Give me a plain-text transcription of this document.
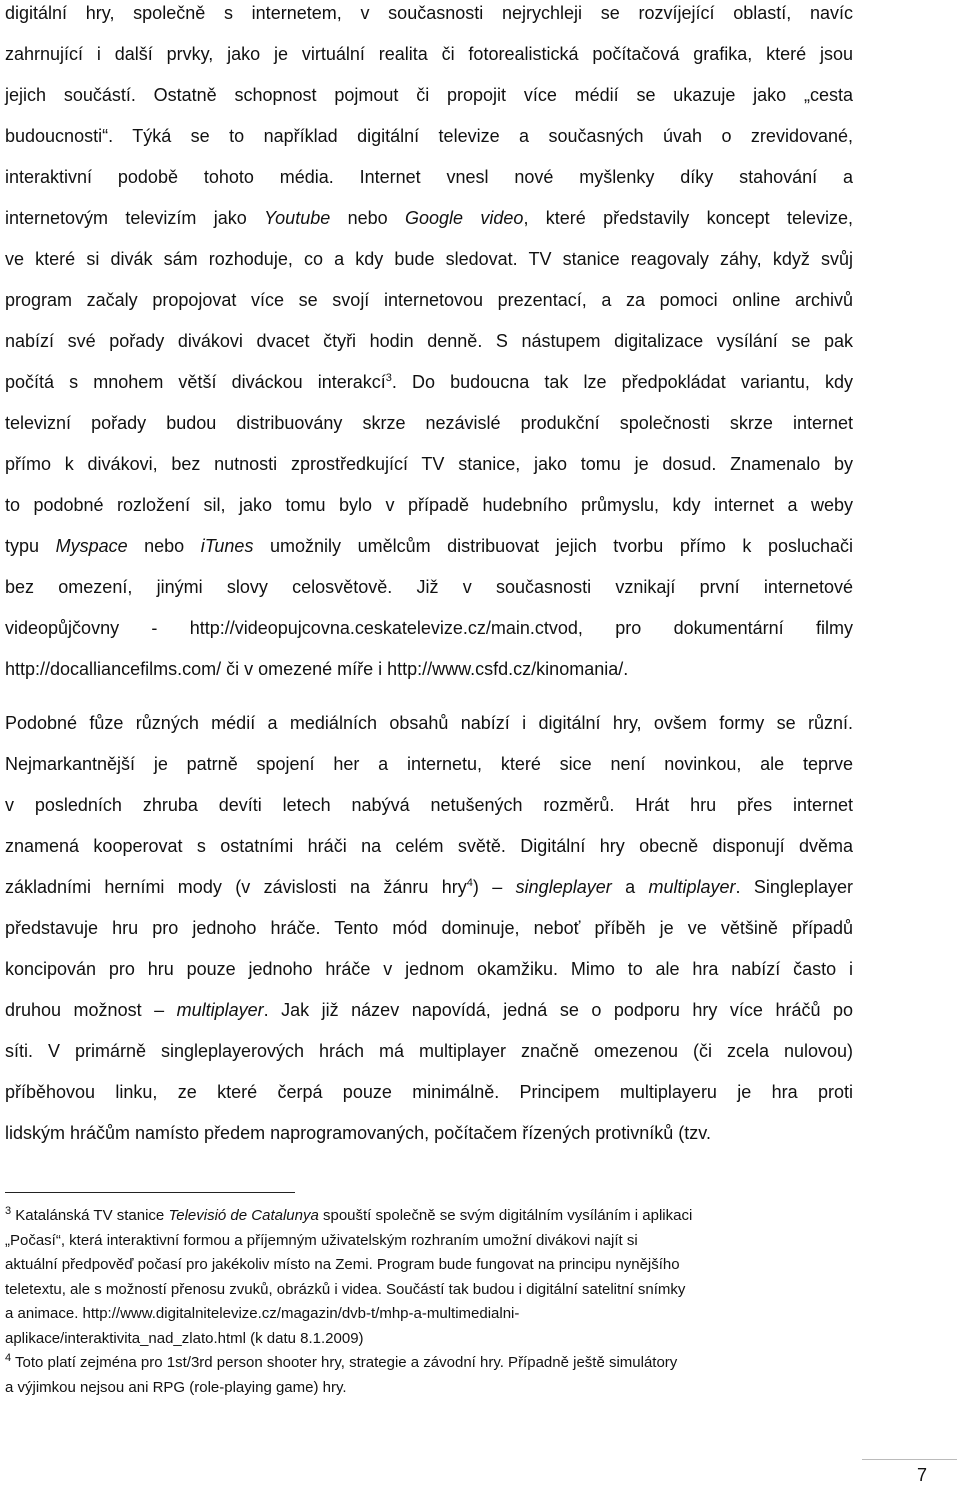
digitální hry, společně s internetem, v současnosti nejrychleji se rozvíjející oblastí, navíc
zahrnující i další prvky, jako je virtuální realita či fotorealistická počítačová grafika, které jsou
jejich součástí. Ostatně schopnost pojmout či propojit více médií se ukazuje jako „cesta
budoucnosti“. Týká se to například digitální televize a současných úvah o zrevidované,
interaktivní podobě tohoto média. Internet vnesl nové myšlenky díky stahování a
internetovým televizím jako Youtube nebo Google video, které představily koncept televize,
ve které si divák sám rozhoduje, co a kdy bude sledovat. TV stanice reagovaly záhy, když svůj
program začaly propojovat více se svojí internetovou prezentací, a za pomoci online archivů
nabízí své pořady divákovi dvacet čtyři hodin denně. S nástupem digitalizace vysílání se pak
počítá s mnohem větší diváckou interakcí$^3$. Do budoucna tak lze předpokládat variantu, kdy
televizní pořady budou distribuovány skrze nezávislé produkční společnosti skrze internet
přímo k divákovi, bez nutnosti zprostředkující TV stanice, jako tomu je dosud. Znamenalo by
to podobné rozložení sil, jako tomu bylo v případě hudebního průmyslu, kdy internet a weby
typu Myspace nebo iTunes umožnily umělcům distribuovat jejich tvorbu přímo k posluchači
bez omezení, jinými slovy celosvětově. Již v současnosti vznikají první internetové
videopůjčovny - http://videopujcovna.ceskatelevize.cz/main.ctvod, pro dokumentární filmy
http://docalliancefilms.com/ či v omezené míře i http://www.csfd.cz/kinomania/.
Podobné fůze různých médií a mediálních obsahů nabízí i digitální hry, ovšem formy se různí.
Nejmarkantnější je patrně spojení her a internetu, které sice není novinkou, ale teprve
v posledních zhruba devíti letech nabývá netušených rozměrů. Hrát hru přes internet
znamená kooperovat s ostatními hráči na celém světě. Digitální hry obecně disponují dvěma
základními herními mody (v závislosti na žánru hry$^4$) – singleplayer a multiplayer. Singleplayer
představuje hru pro jednoho hráče. Tento mód dominuje, neboť příběh je ve většině případů
koncipován pro hru pouze jednoho hráče v jednom okamžiku. Mimo to ale hra nabízí často i
druhou možnost – multiplayer. Jak již název napovídá, jedná se o podporu hry více hráčů po
síti. V primárně singleplayerových hrách má multiplayer značně omezenou (či zcela nulovou)
příběhovou linku, ze které čerpá pouze minimálně. Principem multiplayeru je hra proti
lidským hráčům namísto předem naprogramovaných, počítačem řízených protivníků (tzv.
$^3$ Katalánská TV stanice Televisió de Catalunya spouští společně se svým digitálním vysíláním i aplikaci
„Počasí“, která interaktivní formou a příjemným uživatelským rozhraním umožní divákovi najít si
aktuální předpověď počasí pro jakékoliv místo na Zemi. Program bude fungovat na principu nynějšího
teletextu, ale s možností přenosu zvuků, obrázků i videa. Součástí tak budou i digitální satelitní snímky
a animace. http://www.digitalnitelevize.cz/magazin/dvb-t/mhp-a-multimedialni-
aplikace/interaktivita_nad_zlato.html (k datu 8.1.2009)
$^4$ Toto platí zejména pro 1st/3rd person shooter hry, strategie a závodní hry. Případně ještě simulátory
a výjimkou nejsou ani RPG (role-playing game) hry.
7
